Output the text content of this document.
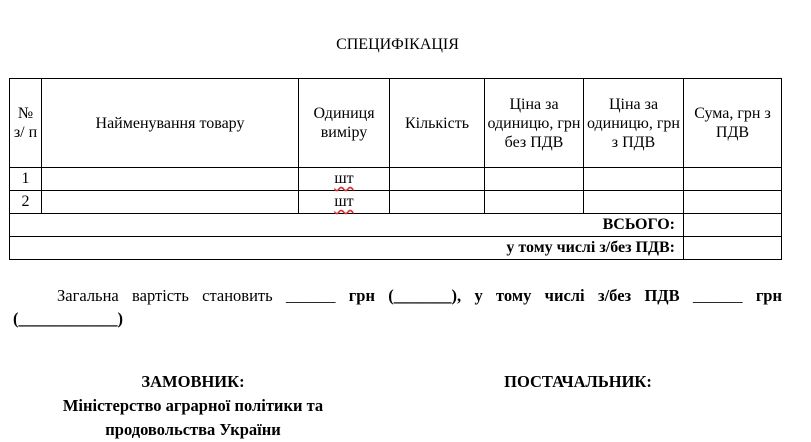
СПЕЦИФІКАЦІЯ
№ з/ п	Найменування товару	Одиниця виміру	Кількість	Ціна за одиницю, грн без ПДВ	Ціна за одиницю, грн з ПДВ	Сума, грн з ПДВ
1		шт				
2		шт				
ВСЬОГО:						
у тому числі з/без ПДВ:						
Загальна вартість становить ______ грн (_______), у тому числі з/без ПДВ ______ грн (____________)
ЗАМОВНИК:
Міністерство аграрної політики та
продовольства України
ПОСТАЧАЛЬНИК:
